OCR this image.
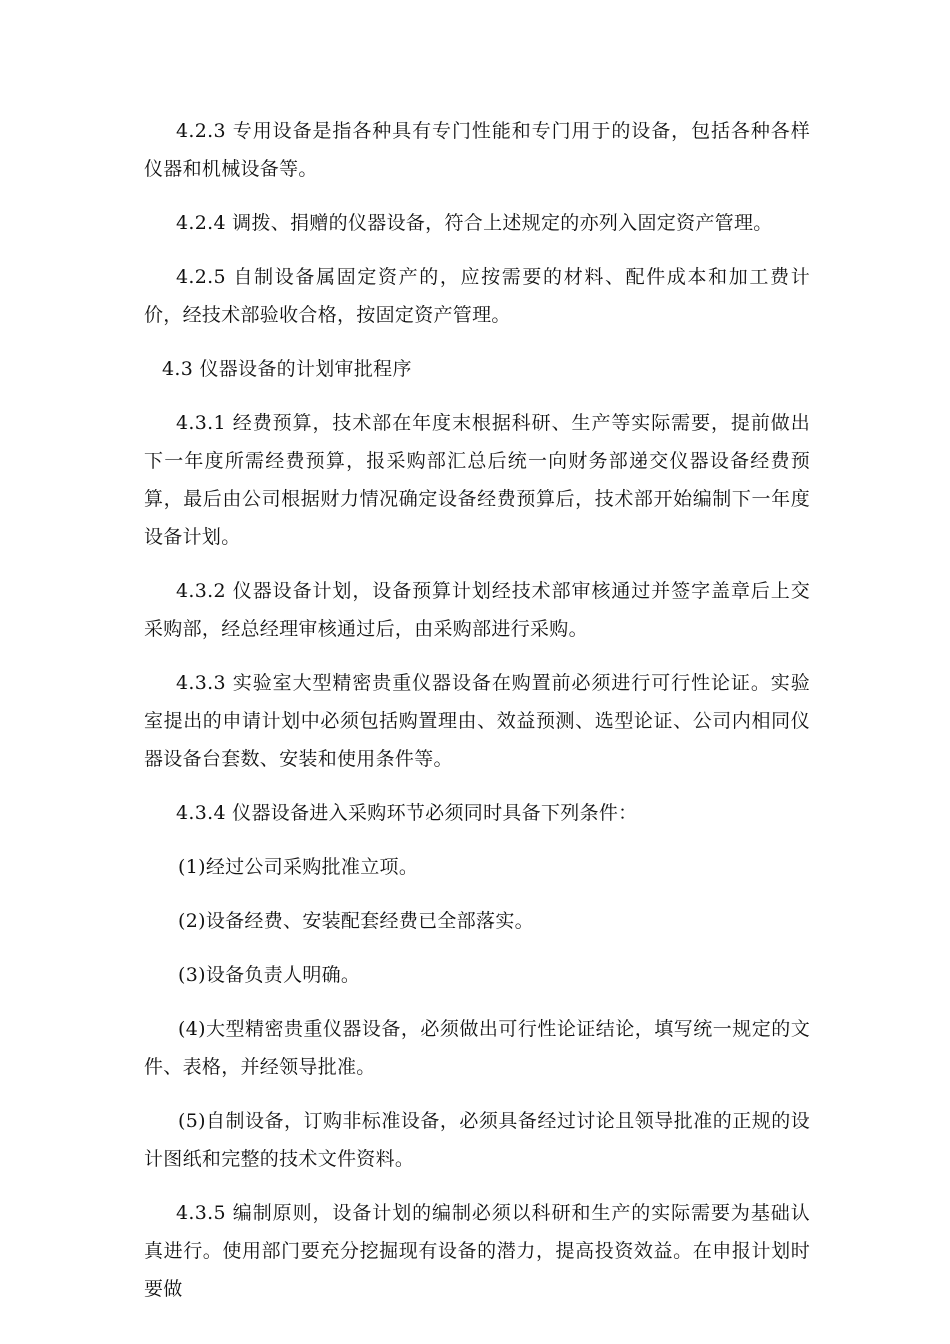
4.2.3 专用设备是指各种具有专门性能和专门用于的设备，包括各种各样仪器和机械设备等。

4.2.4 调拨、捐赠的仪器设备，符合上述规定的亦列入固定资产管理。

4.2.5 自制设备属固定资产的，应按需要的材料、配件成本和加工费计价，经技术部验收合格，按固定资产管理。

4.3 仪器设备的计划审批程序

4.3.1 经费预算，技术部在年度末根据科研、生产等实际需要，提前做出下一年度所需经费预算，报采购部汇总后统一向财务部递交仪器设备经费预算，最后由公司根据财力情况确定设备经费预算后，技术部开始编制下一年度设备计划。

4.3.2 仪器设备计划，设备预算计划经技术部审核通过并签字盖章后上交采购部，经总经理审核通过后，由采购部进行采购。

4.3.3 实验室大型精密贵重仪器设备在购置前必须进行可行性论证。实验室提出的申请计划中必须包括购置理由、效益预测、选型论证、公司内相同仪器设备台套数、安装和使用条件等。

4.3.4 仪器设备进入采购环节必须同时具备下列条件：

(1)经过公司采购批准立项。

(2)设备经费、安装配套经费已全部落实。

(3)设备负责人明确。

(4)大型精密贵重仪器设备，必须做出可行性论证结论，填写统一规定的文件、表格，并经领导批准。

(5)自制设备，订购非标准设备，必须具备经过讨论且领导批准的正规的设计图纸和完整的技术文件资料。

4.3.5 编制原则，设备计划的编制必须以科研和生产的实际需要为基础认真进行。使用部门要充分挖掘现有设备的潜力，提高投资效益。在申报计划时要做
